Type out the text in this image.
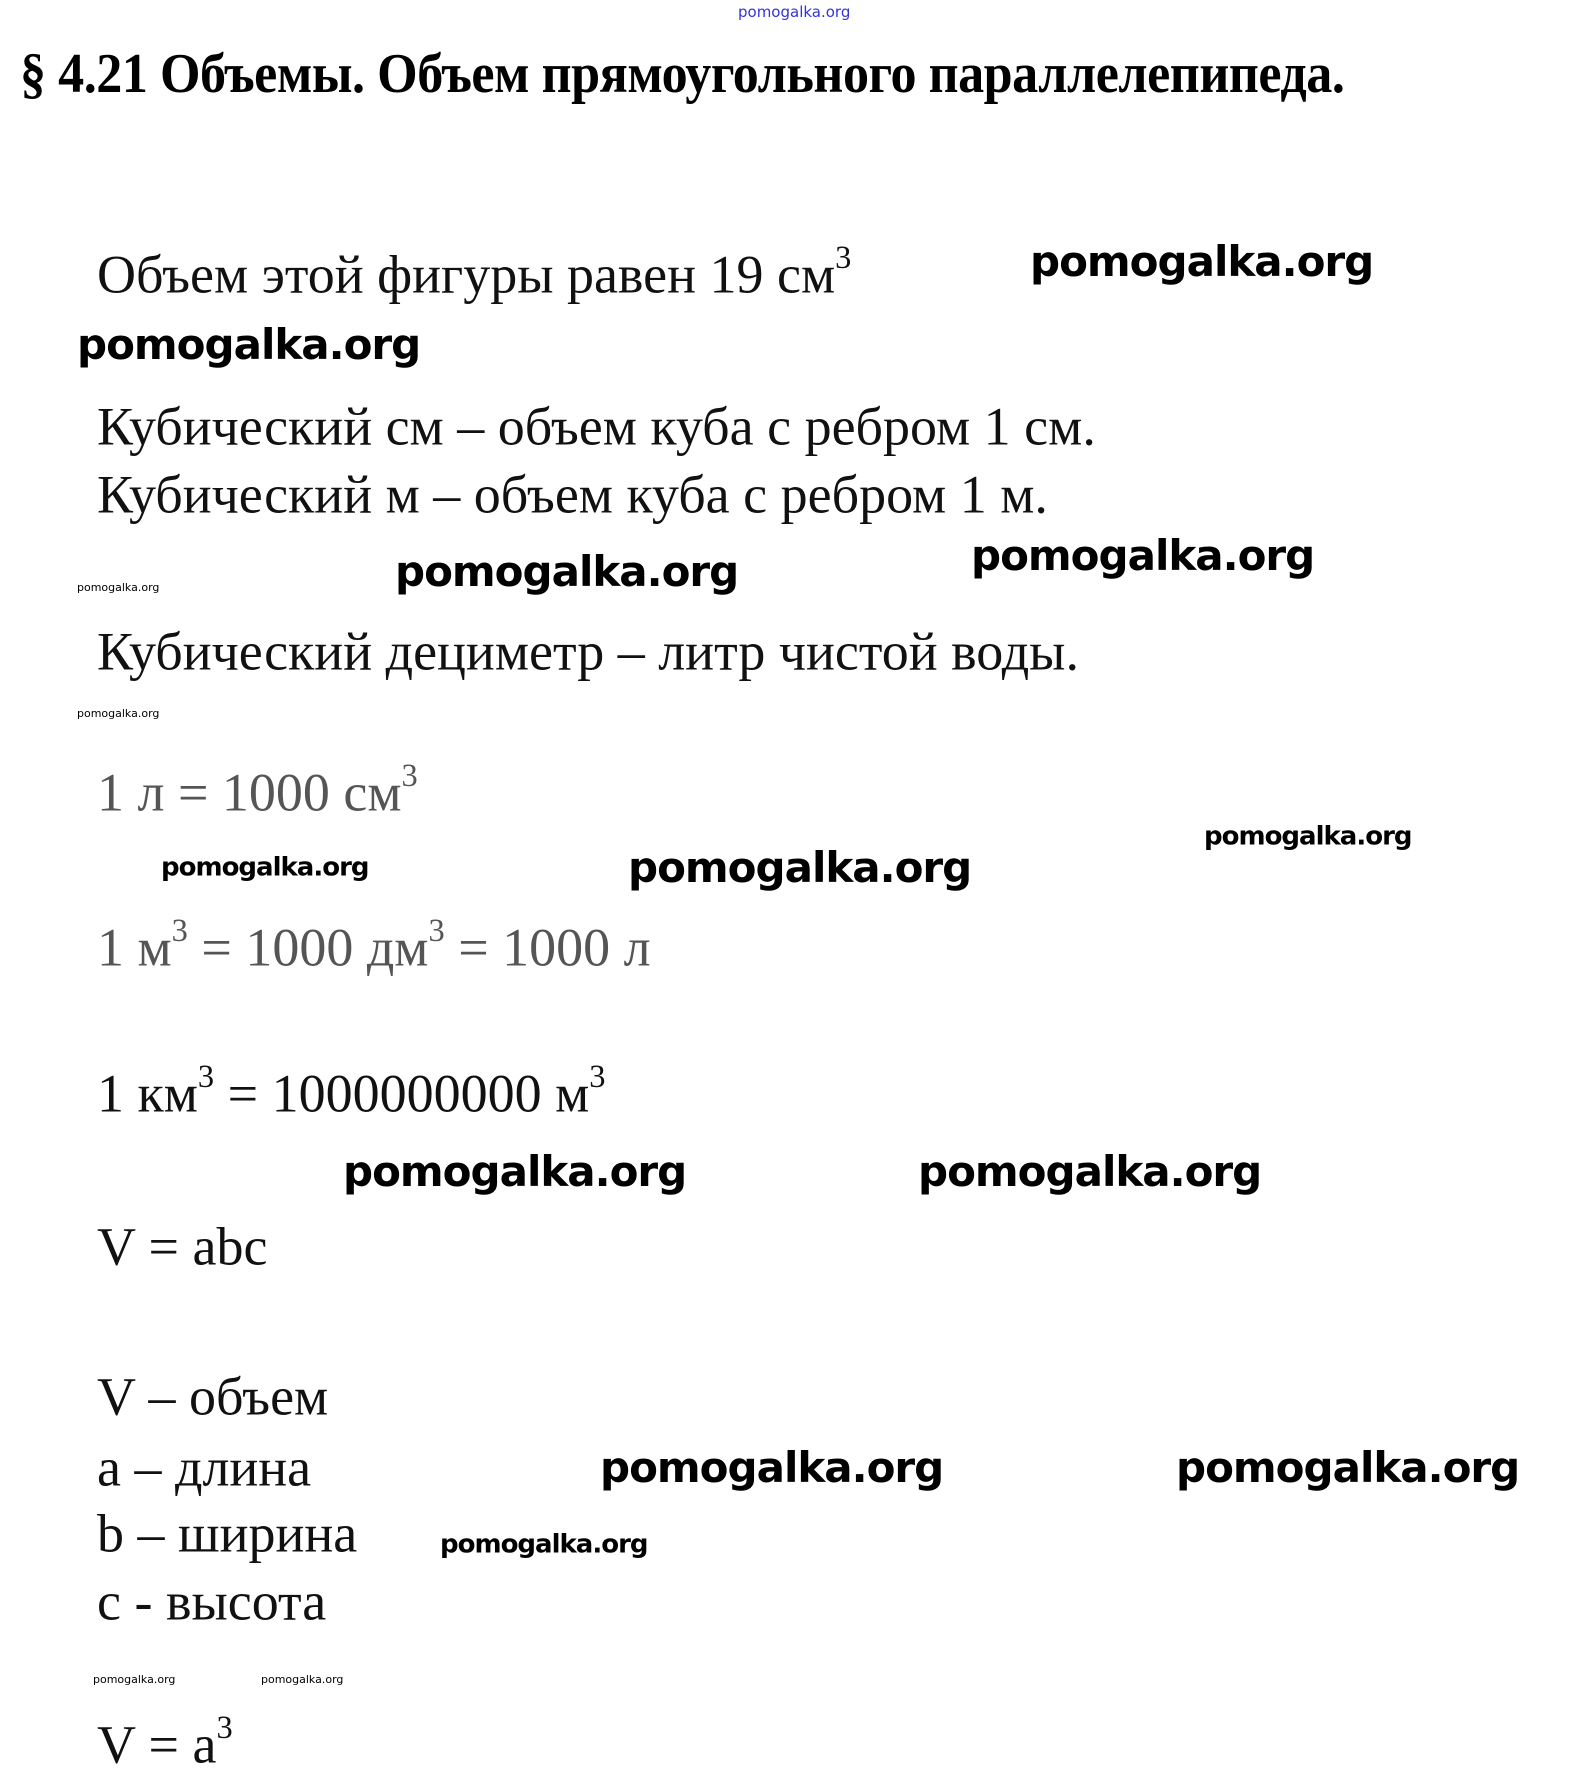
pomogalka.org
§ 4.21 Объемы. Объем прямоугольного параллелепипеда.
Объем этой фигуры равен 19 $см^3$
Кубический см – объем куба с ребром 1 см.
Кубический м – объем куба с ребром 1 м.
Кубический дециметр – литр чистой воды.
1 л = 1000 $см^3$
1 $м^3 = 1000$ $дм^3 = 1000$ л
1 $км^3 = 1000000000$ $м^3$
V = abc
V – объем
a – длина
b – ширина
c - высота
$V = a^3$
pomogalka.org
pomogalka.org
pomogalka.org
pomogalka.org
pomogalka.org
pomogalka.org
pomogalka.org
pomogalka.org	pomogalka.org
pomogalka.org	pomogalka.org
pomogalka.org	pomogalka.org
pomogalka.org
pomogalka.org	pomogalka.org
